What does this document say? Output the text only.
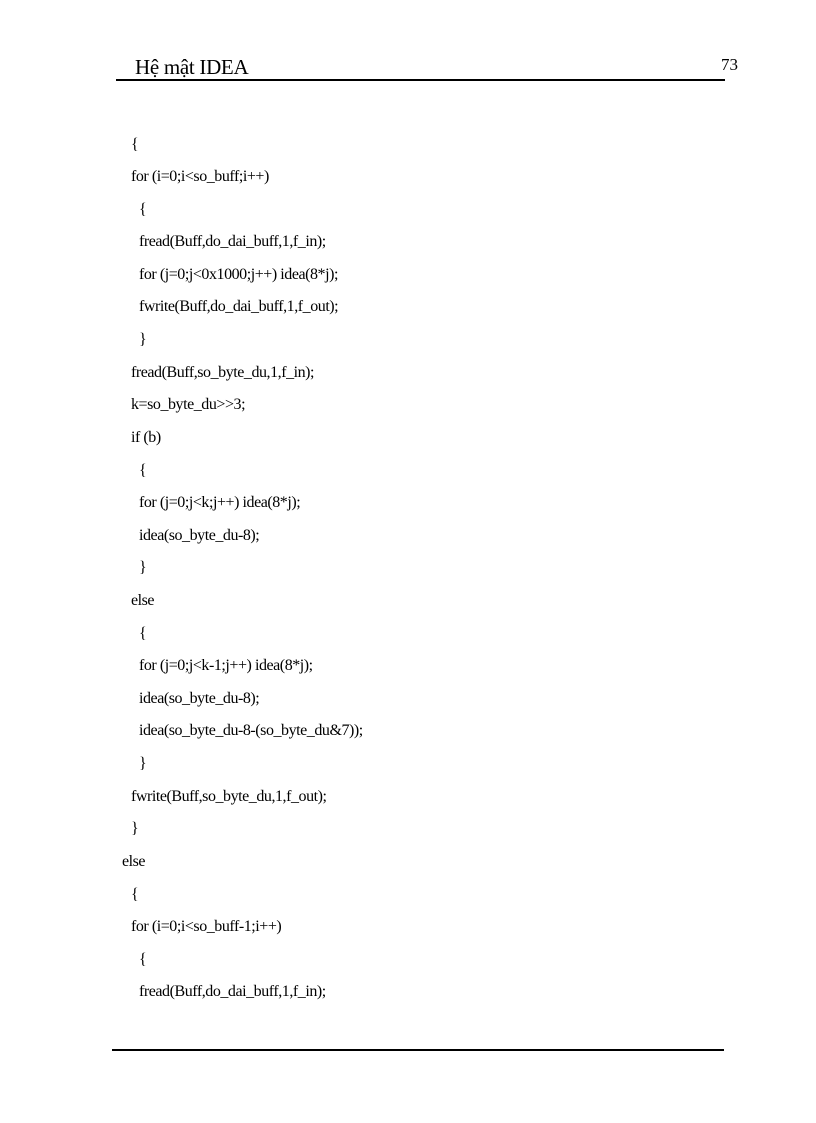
Hệ mật IDEA	73
{
for (i=0;i<so_buff;i++)
{
fread(Buff,do_dai_buff,1,f_in);
for (j=0;j<0x1000;j++) idea(8*j);
fwrite(Buff,do_dai_buff,1,f_out);
}
fread(Buff,so_byte_du,1,f_in);
k=so_byte_du>>3;
if (b)
{
for (j=0;j<k;j++) idea(8*j);
idea(so_byte_du-8);
}
else
{
for (j=0;j<k-1;j++) idea(8*j);
idea(so_byte_du-8);
idea(so_byte_du-8-(so_byte_du&7));
}
fwrite(Buff,so_byte_du,1,f_out);
}
else
{
for (i=0;i<so_buff-1;i++)
{
fread(Buff,do_dai_buff,1,f_in);
